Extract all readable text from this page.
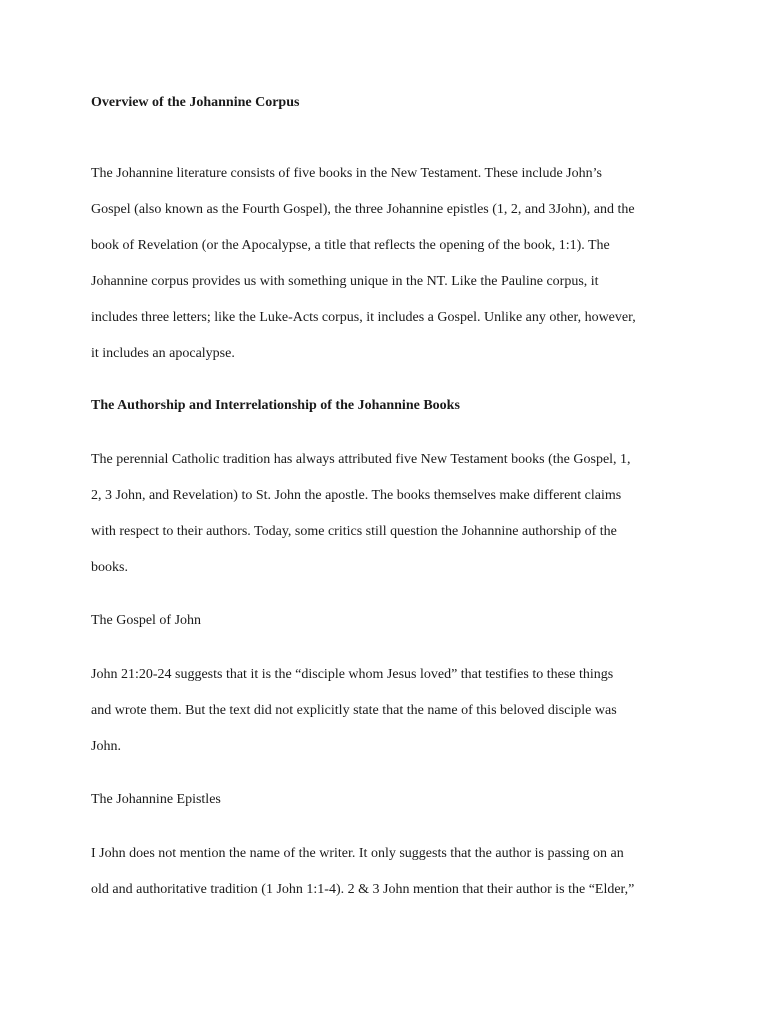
Overview of the Johannine Corpus
The Johannine literature consists of five books in the New Testament. These include John’s
Gospel (also known as the Fourth Gospel), the three Johannine epistles (1, 2, and 3John), and the
book of Revelation (or the Apocalypse, a title that reflects the opening of the book, 1:1). The
Johannine corpus provides us with something unique in the NT. Like the Pauline corpus, it
includes three letters; like the Luke-Acts corpus, it includes a Gospel. Unlike any other, however,
it includes an apocalypse.
The Authorship and Interrelationship of the Johannine Books
The perennial Catholic tradition has always attributed five New Testament books (the Gospel, 1,
2, 3 John, and Revelation) to St. John the apostle. The books themselves make different claims
with respect to their authors. Today, some critics still question the Johannine authorship of the
books.
The Gospel of John
John 21:20-24 suggests that it is the “disciple whom Jesus loved” that testifies to these things
and wrote them. But the text did not explicitly state that the name of this beloved disciple was
John.
The Johannine Epistles
I John does not mention the name of the writer. It only suggests that the author is passing on an
old and authoritative tradition (1 John 1:1-4). 2 & 3 John mention that their author is the “Elder,”
